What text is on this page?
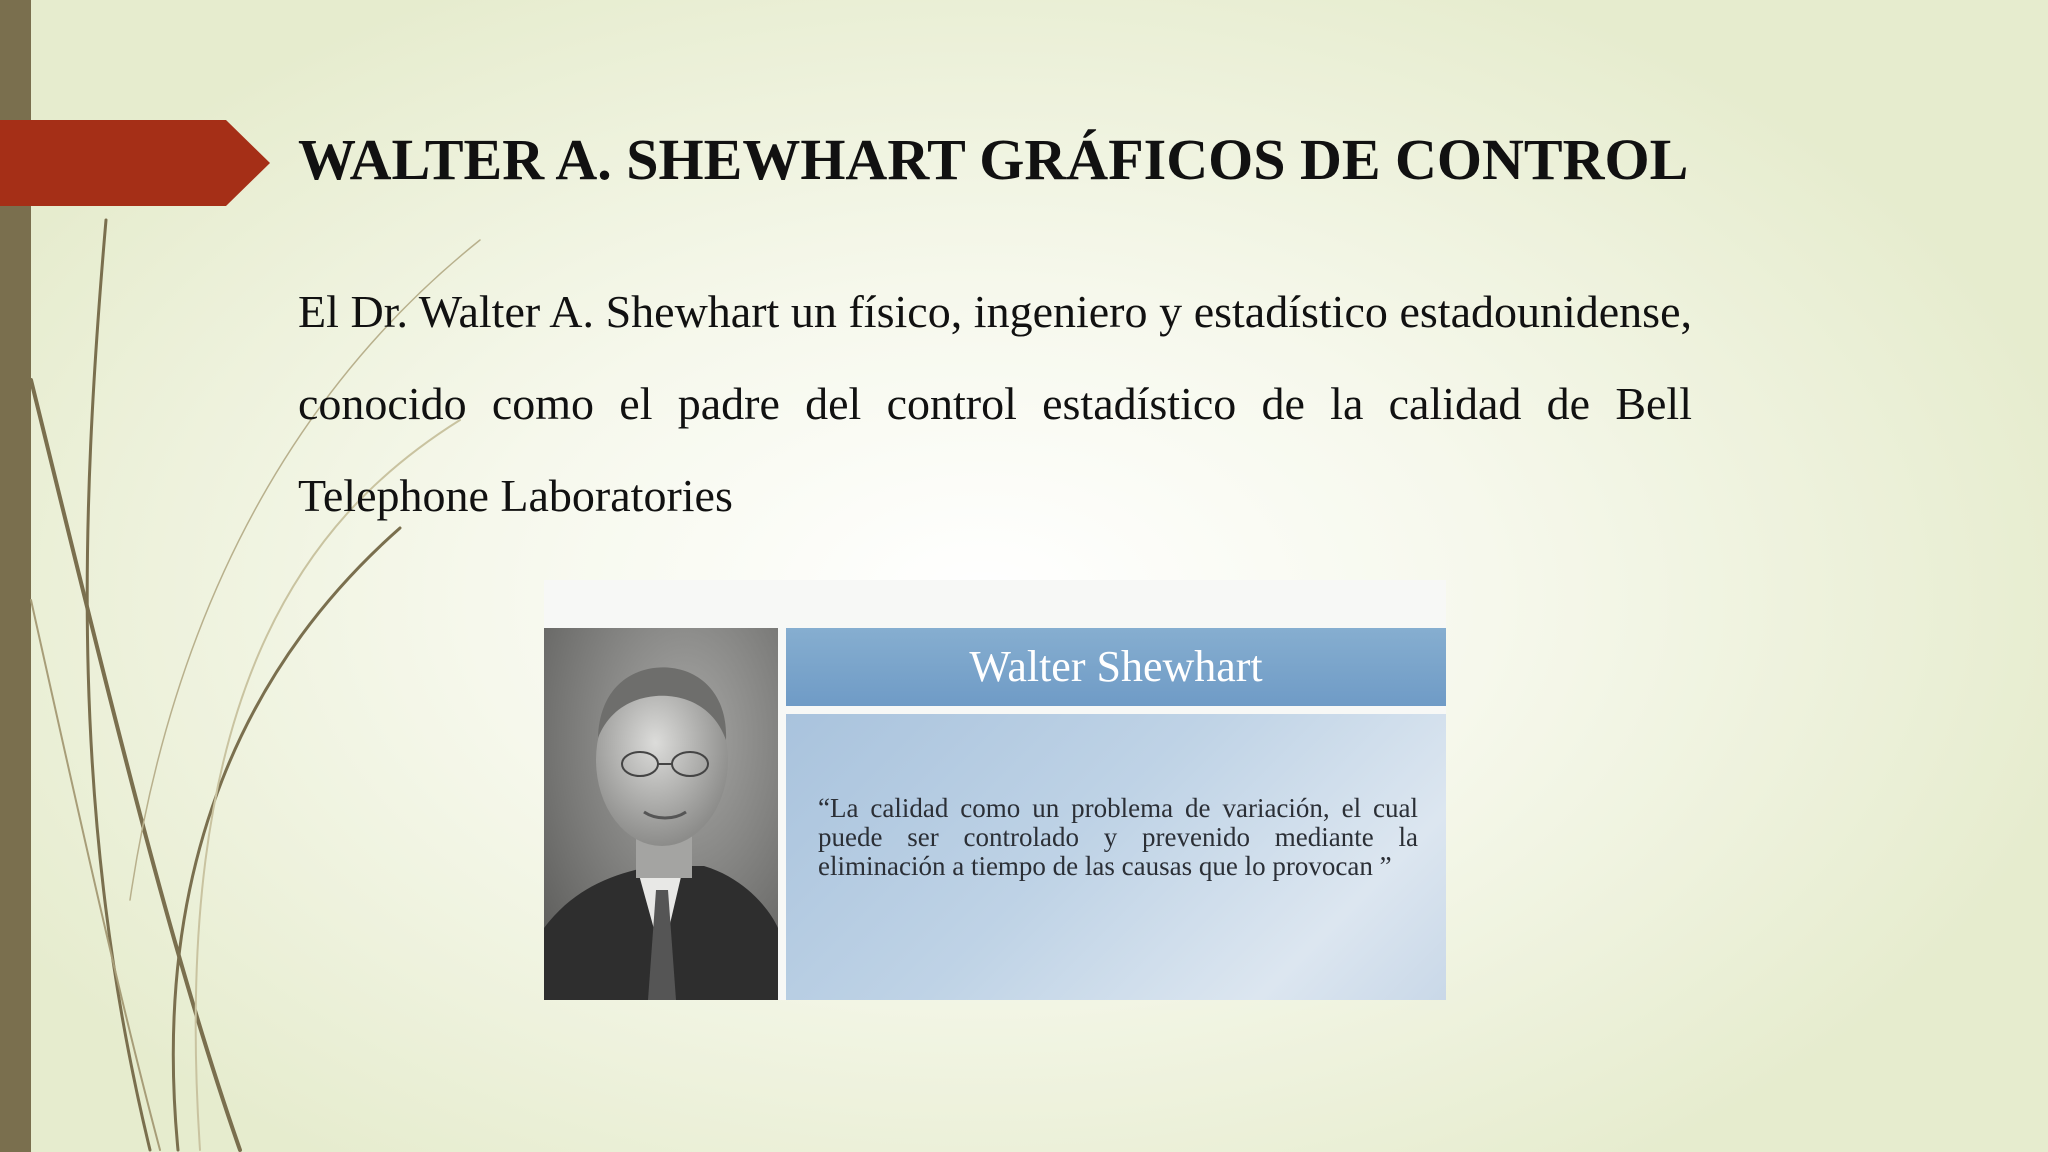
WALTER A. SHEWHART GRÁFICOS DE CONTROL

El Dr. Walter A. Shewhart un físico, ingeniero y estadístico estadounidense, conocido como el padre del control estadístico de la calidad de Bell Telephone Laboratories

Walter Shewhart

“La calidad como un problema de variación, el cual puede ser controlado y prevenido mediante la eliminación a tiempo de las causas que lo provocan ”
